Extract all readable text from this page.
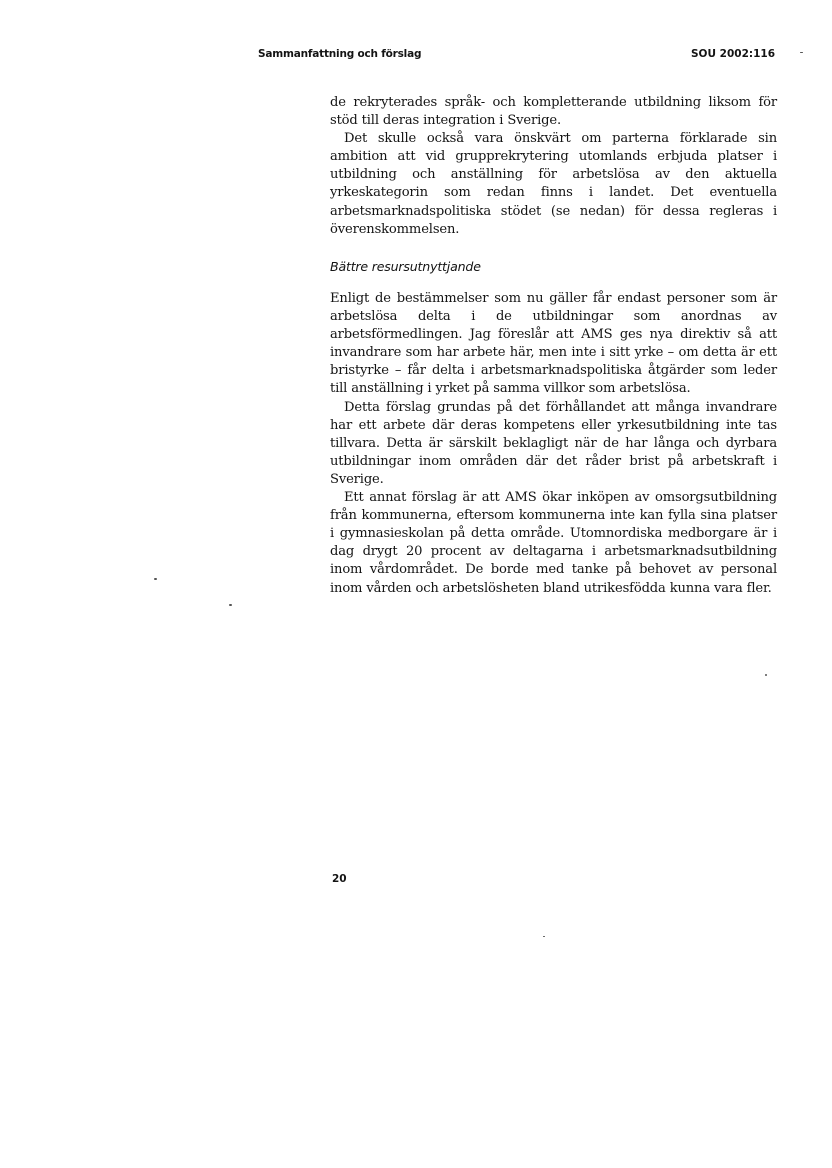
Sammanfattning och förslag	SOU 2002:116

de rekryterades språk- och kompletterande utbildning liksom för stöd till deras integration i Sverige.

Det skulle också vara önskvärt om parterna förklarade sin ambition att vid grupprekrytering utomlands erbjuda platser i utbildning och anställning för arbetslösa av den aktuella yrkeskategorin som redan finns i landet. Det eventuella arbetsmarknadspolitiska stödet (se nedan) för dessa regleras i överenskommelsen.

Bättre resursutnyttjande

Enligt de bestämmelser som nu gäller får endast personer som är arbetslösa delta i de utbildningar som anordnas av arbetsförmedlingen. Jag föreslår att AMS ges nya direktiv så att invandrare som har arbete här, men inte i sitt yrke – om detta är ett bristyrke – får delta i arbetsmarknadspolitiska åtgärder som leder till anställning i yrket på samma villkor som arbetslösa.

Detta förslag grundas på det förhållandet att många invandrare har ett arbete där deras kompetens eller yrkesutbildning inte tas tillvara. Detta är särskilt beklagligt när de har långa och dyrbara utbildningar inom områden där det råder brist på arbetskraft i Sverige.

Ett annat förslag är att AMS ökar inköpen av omsorgsutbildning från kommunerna, eftersom kommunerna inte kan fylla sina platser i gymnasieskolan på detta område. Utomnordiska medborgare är i dag drygt 20 procent av deltagarna i arbetsmarknadsutbildning inom vårdområdet. De borde med tanke på behovet av personal inom vården och arbetslösheten bland utrikesfödda kunna vara fler.

20
